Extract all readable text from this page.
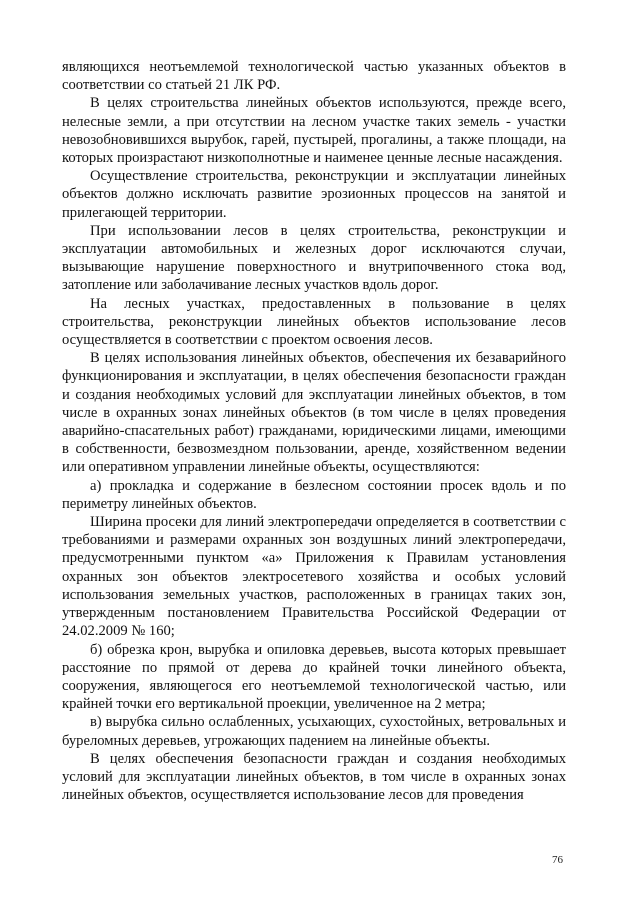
являющихся неотъемлемой технологической частью указанных объектов в соответствии со статьей 21 ЛК РФ.

В целях строительства линейных объектов используются, прежде всего, нелесные земли, а при отсутствии на лесном участке таких земель - участки невозобновившихся вырубок, гарей, пустырей, прогалины, а также площади, на которых произрастают низкополнотные и наименее ценные лесные насаждения.

Осуществление строительства, реконструкции и эксплуатации линейных объектов должно исключать развитие эрозионных процессов на занятой и прилегающей территории.

При использовании лесов в целях строительства, реконструкции и эксплуатации автомобильных и железных дорог исключаются случаи, вызывающие нарушение поверхностного и внутрипочвенного стока вод, затопление или заболачивание лесных участков вдоль дорог.

На лесных участках, предоставленных в пользование в целях строительства, реконструкции линейных объектов использование лесов осуществляется в соответствии с проектом освоения лесов.

В целях использования линейных объектов, обеспечения их безаварийного функционирования и эксплуатации, в целях обеспечения безопасности граждан и создания необходимых условий для эксплуатации линейных объектов, в том числе в охранных зонах линейных объектов (в том числе в целях проведения аварийно-спасательных работ) гражданами, юридическими лицами, имеющими в собственности, безвозмездном пользовании, аренде, хозяйственном ведении или оперативном управлении линейные объекты, осуществляются:

а) прокладка и содержание в безлесном состоянии просек вдоль и по периметру линейных объектов.

Ширина просеки для линий электропередачи определяется в соответствии с требованиями и размерами охранных зон воздушных линий электропередачи, предусмотренными пунктом «а» Приложения к Правилам установления охранных зон объектов электросетевого хозяйства и особых условий использования земельных участков, расположенных в границах таких зон, утвержденным постановлением Правительства Российской Федерации от 24.02.2009 № 160;

б) обрезка крон, вырубка и опиловка деревьев, высота которых превышает расстояние по прямой от дерева до крайней точки линейного объекта, сооружения, являющегося его неотъемлемой технологической частью, или крайней точки его вертикальной проекции, увеличенное на 2 метра;

в) вырубка сильно ослабленных, усыхающих, сухостойных, ветровальных и буреломных деревьев, угрожающих падением на линейные объекты.

В целях обеспечения безопасности граждан и создания необходимых условий для эксплуатации линейных объектов, в том числе в охранных зонах линейных объектов, осуществляется использование лесов для проведения

76
